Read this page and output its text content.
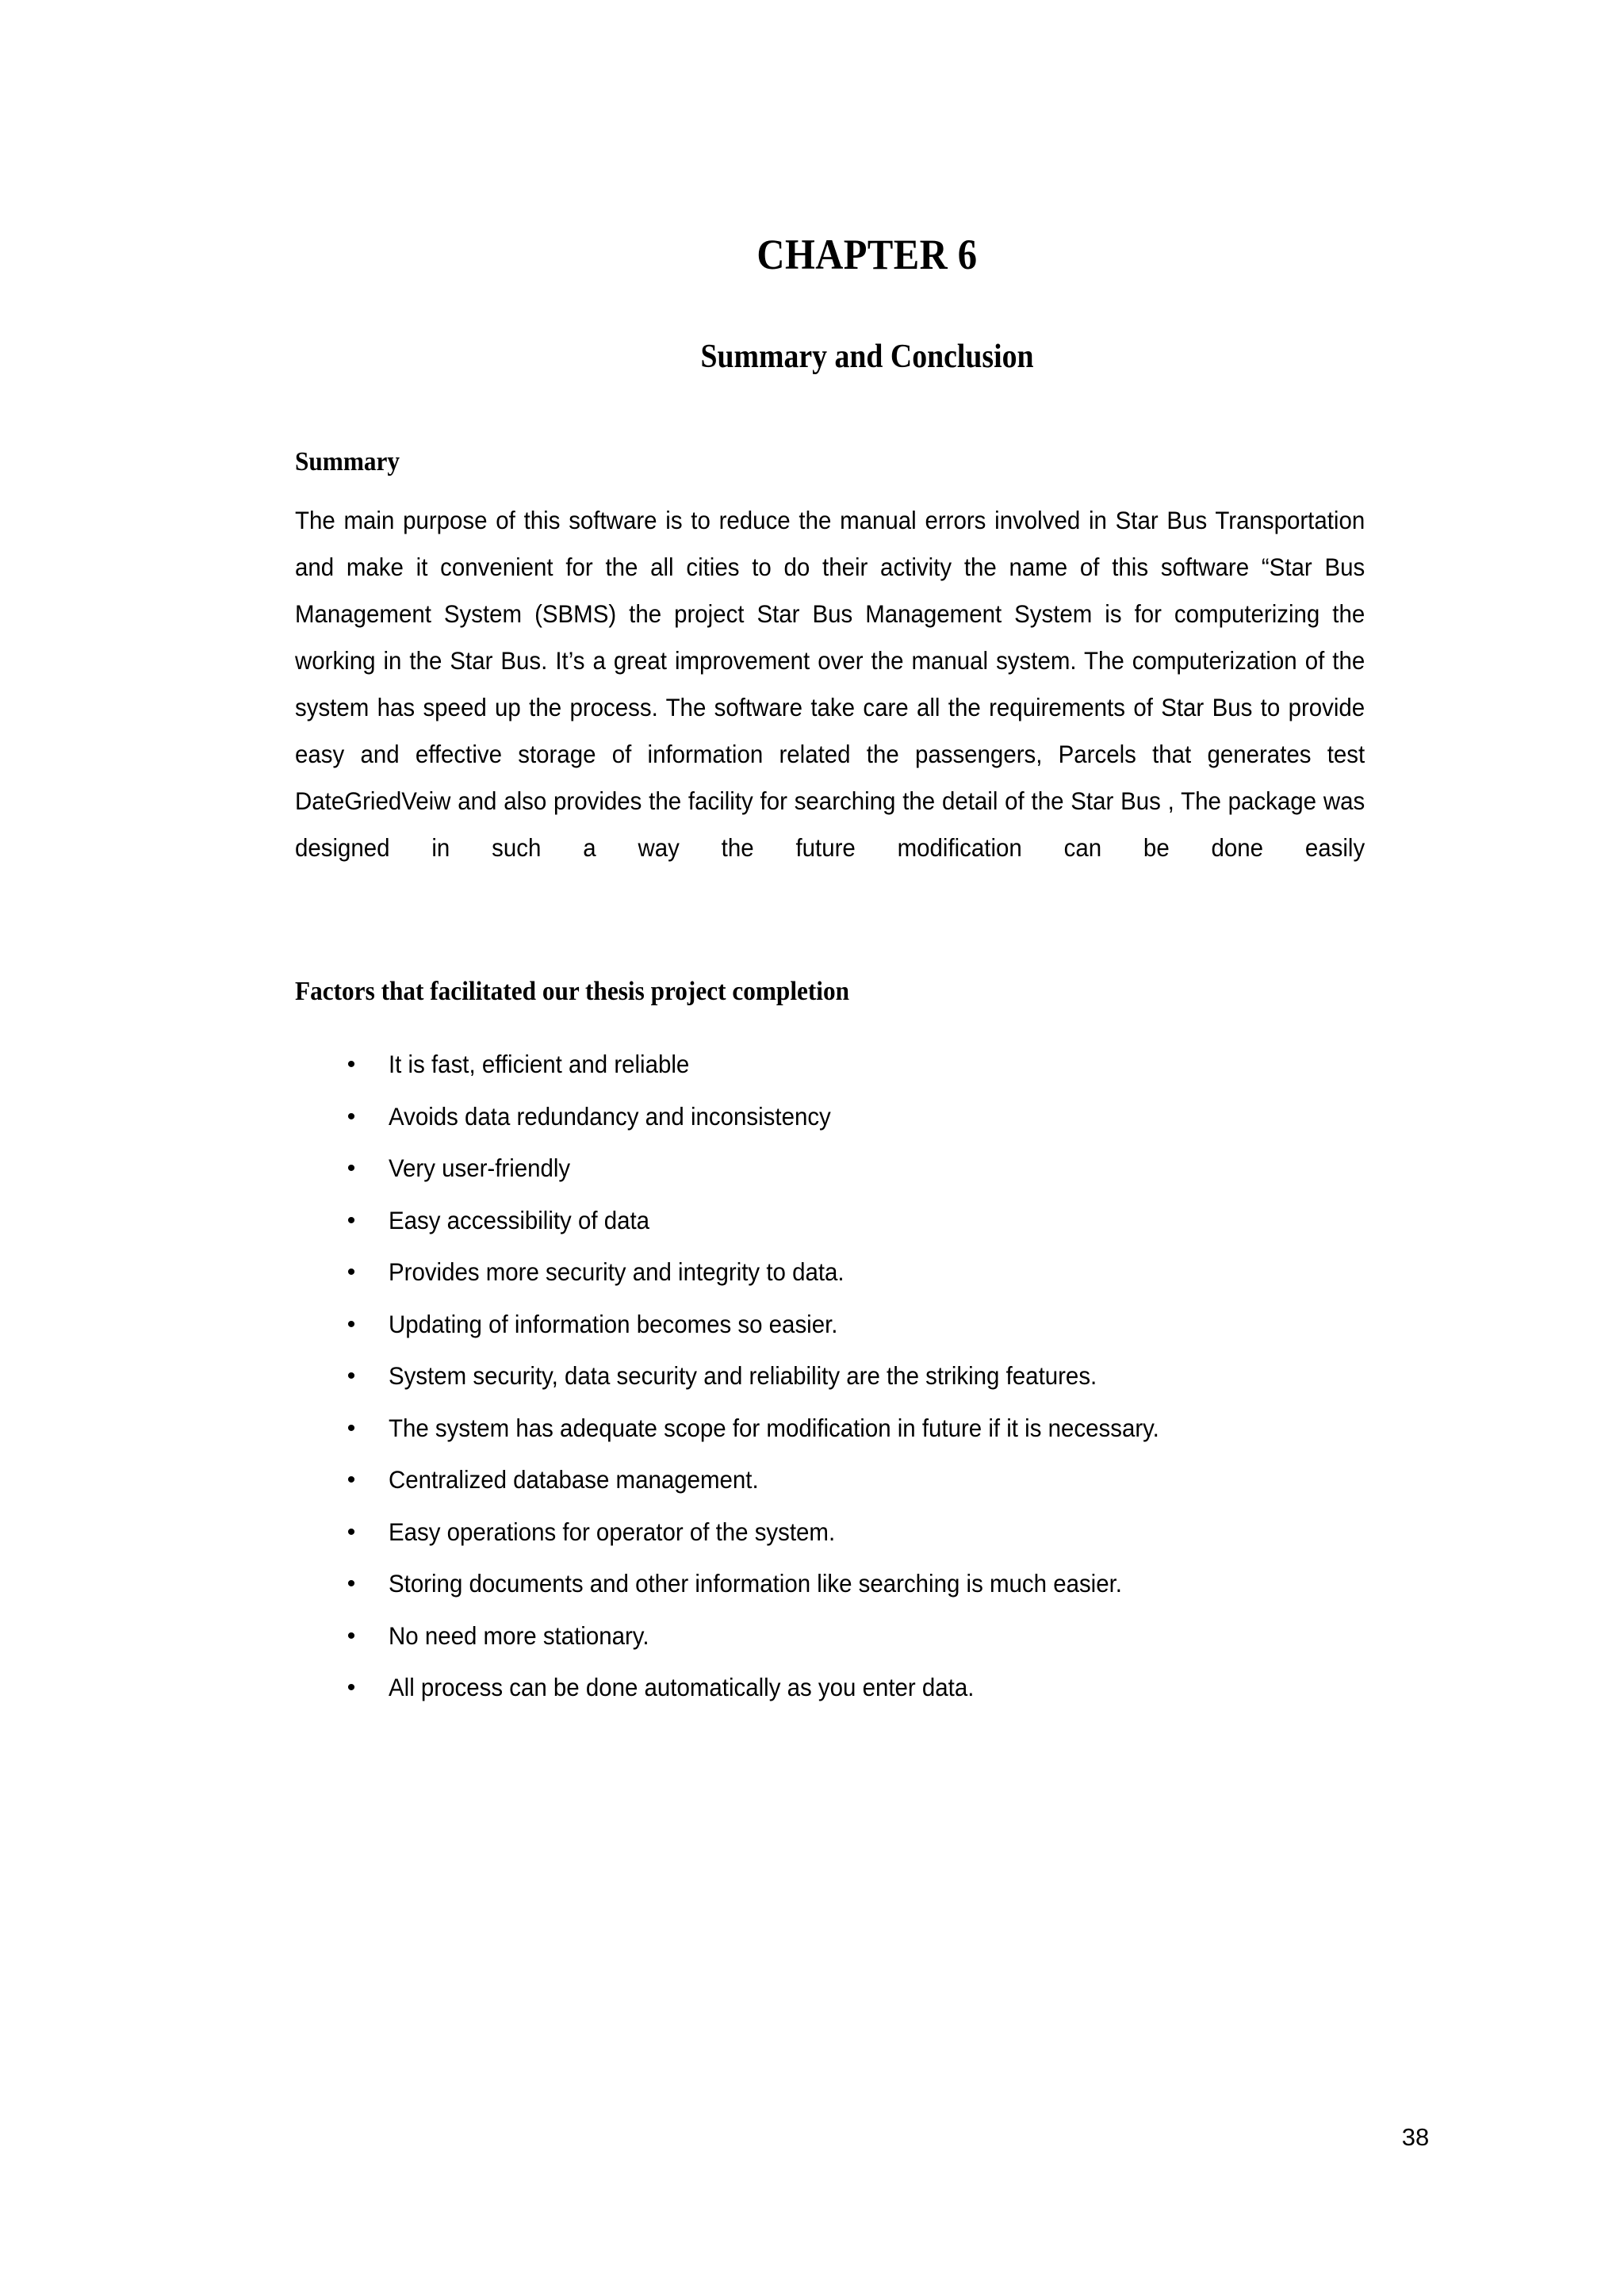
CHAPTER 6
Summary and Conclusion
Summary

The main purpose of this software is to reduce the manual errors involved in Star Bus Transportation and make it convenient for the all cities to do their activity the name of this software “Star Bus Management System (SBMS) the project Star Bus Management System is for computerizing the working in the Star Bus. It’s a great improvement over the manual system. The computerization of the system has speed up the process. The software take care all the requirements of Star Bus to provide easy and effective storage of information related the passengers, Parcels that generates test DateGriedVeiw and also provides the facility for searching the detail of the Star Bus , The package was designed in such a way the future modification can be done easily

Factors that facilitated our thesis project completion
• It is fast, efficient and reliable
• Avoids data redundancy and inconsistency
• Very user-friendly
• Easy accessibility of data
• Provides more security and integrity to data.
• Updating of information becomes so easier.
• System security, data security and reliability are the striking features.
• The system has adequate scope for modification in future if it is necessary.
• Centralized database management.
• Easy operations for operator of the system.
• Storing documents and other information like searching is much easier.
• No need more stationary.
• All process can be done automatically as you enter data.
38
